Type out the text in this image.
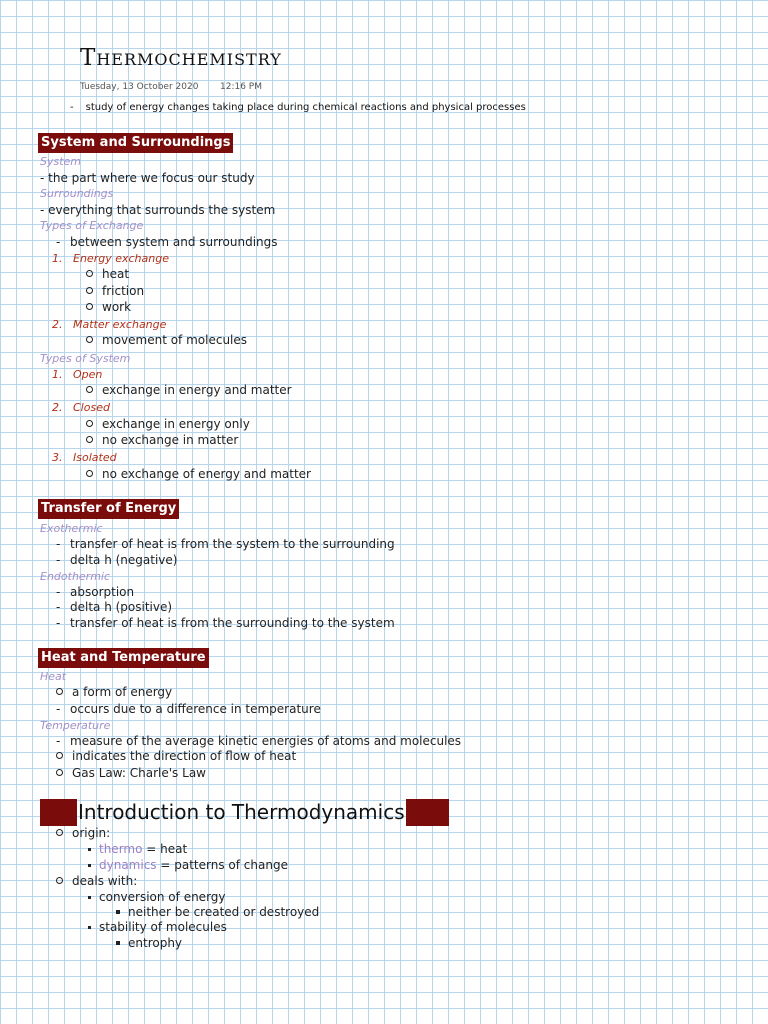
Thermochemistry
Tuesday, 13 October 2020 12:16 PM
- study of energy changes taking place during chemical reactions and physical processes
System and Surroundings
System
- the part where we focus our study
Surroundings
- everything that surrounds the system
Types of Exchange
- between system and surroundings
1.   Energy exchange
heat
friction
work
2.   Matter exchange
movement of molecules
Types of System
1.   Open
exchange in energy and matter
2.   Closed
exchange in energy only
no exchange in matter
3.   Isolated
no exchange of energy and matter
Transfer of Energy
Exothermic
- transfer of heat is from the system to the surrounding
- delta h (negative)
Endothermic
- absorption
- delta h (positive)
- transfer of heat is from the surrounding to the system
Heat and Temperature
Heat
a form of energy
- occurs due to a difference in temperature
Temperature
- measure of the average kinetic energies of atoms and molecules
indicates the direction of flow of heat
Gas Law: Charle's Law
Introduction to Thermodynamics
origin:
thermo = heat
dynamics = patterns of change
deals with:
conversion of energy
neither be created or destroyed
stability of molecules
entrophy
